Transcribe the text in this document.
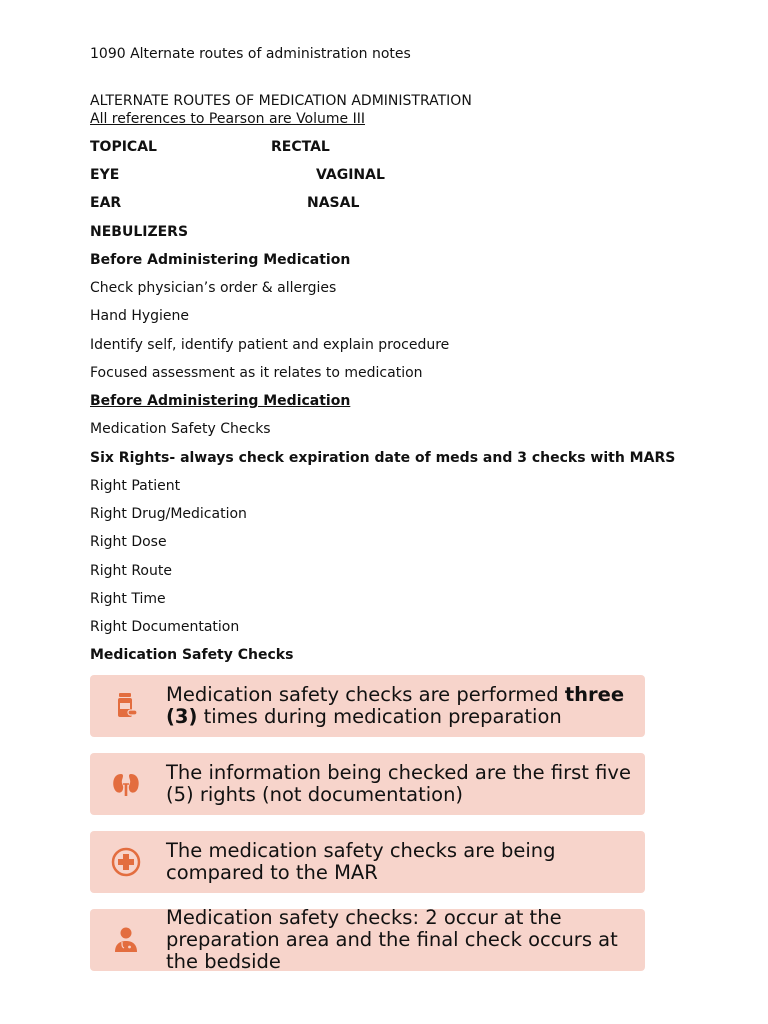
1090 Alternate routes of administration notes
ALTERNATE ROUTES OF MEDICATION ADMINISTRATION
All references to Pearson are Volume III
TOPICAL	RECTAL
EYE	VAGINAL
EAR	NASAL
NEBULIZERS
Before Administering Medication
Check physician’s order & allergies
Hand Hygiene
Identify self, identify patient and explain procedure
Focused assessment as it relates to medication
Before Administering Medication
Medication Safety Checks
Six Rights- always check expiration date of meds and 3 checks with MARS
Right Patient
Right Drug/Medication
Right Dose
Right Route
Right Time
Right Documentation
Medication Safety Checks
Medication safety checks are performed three (3) times during medication preparation
The information being checked are the first five (5) rights (not documentation)
The medication safety checks are being compared to the MAR
Medication safety checks: 2 occur at the preparation area and the final check occurs at the bedside
